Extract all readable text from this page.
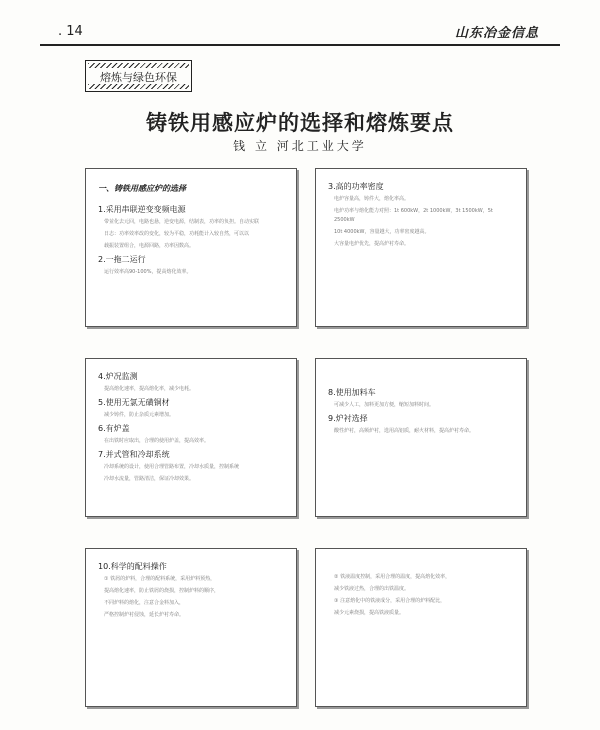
. 14	山东冶金信息
熔炼与绿色环保
铸铁用感应炉的选择和熔炼要点
钱 立 河北工业大学
一、铸铁用感应炉的选择
1.采用串联逆变变频电源
带並化去元回，电路也悬，逆变电源，结制表，功率的负担。自动实联
日志：功率效率改的变化，较为平稳，功耗能计入较自然，可以以
载振装置组合，电源回路，功率因数高。
2.一拖二运行
运行效率高90-100%，提高熔化效率。
3.高的功率密度
电炉容量高，铸件大，熔化率高。
电炉功率与熔化能力对照：1t 600kW，2t 1000kW，3t 1500kW，5t 2500kW
10t 4000kW，容量越大，功率密度越高。
大容量电炉优先，提高炉衬寿命。
4.炉况监测
提高熔化速率，提高熔化率，减少电耗。
5.使用无氯无磺铜材
减少铸件，防止杂质元素增加。
6.有炉盖
在出铁时应取出，合理的使用炉盖，提高效率。
7.并式管和冷却系统
冷却系统的设计，使用合理管路布置，冷却水质量，控制系统
冷却水流量，管路清洁，保证冷却效果。
8.使用加料车
可减少人工，加料更加方便，缩短加料时间。
9.炉衬选择
酸性炉衬，高频炉衬，选用高铝质，耐火材料，提高炉衬寿命。
10.科学的配料操作
① 铁屑的炉料，合理的配料系统，采用炉料预热，
提高熔化速率，防止铁屑的烧损，控制炉料的顺序，
不同炉料的熔化，注意合金料加入，
严格控制炉衬侵蚀，延长炉衬寿命。
② 铁液温度控制，采用合理的温度，提高熔化效率，
减少铁液过热，合理的出铁温度。
③ 注意熔化中的铁液成分，采用合理的炉料配比，
减少元素烧损，提高铁液质量。
